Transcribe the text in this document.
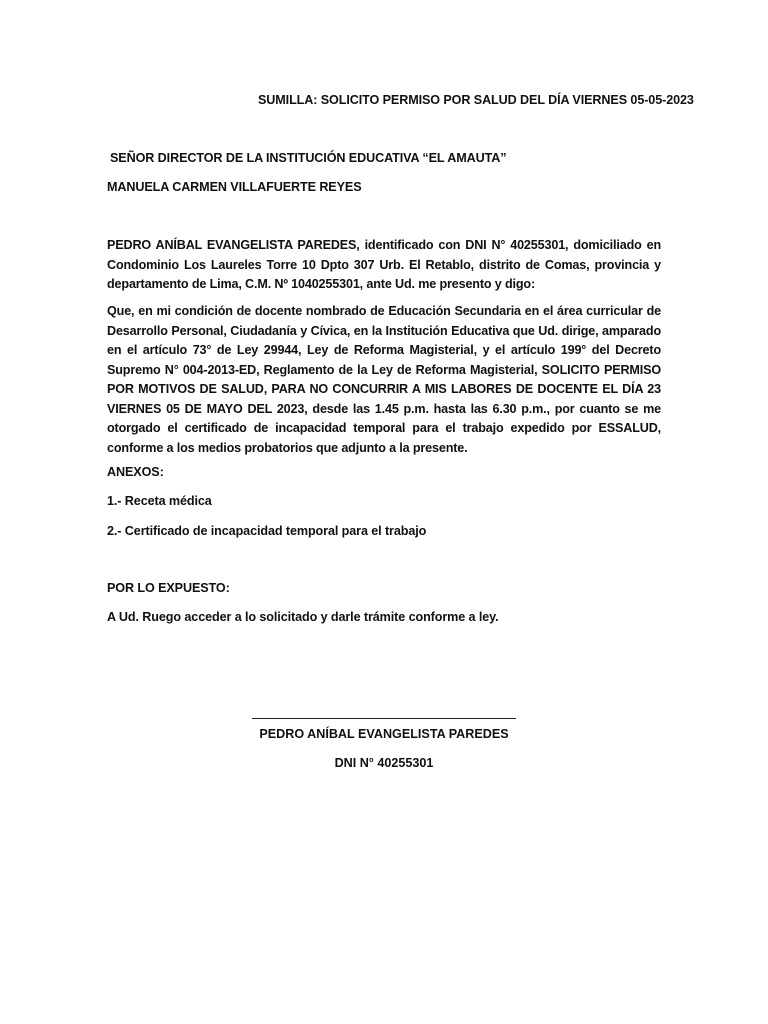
SUMILLA: SOLICITO PERMISO POR SALUD DEL DÍA VIERNES 05-05-2023
SEÑOR DIRECTOR DE LA INSTITUCIÓN EDUCATIVA “EL AMAUTA”
MANUELA CARMEN VILLAFUERTE REYES

PEDRO ANÍBAL EVANGELISTA PAREDES, identificado con DNI N° 40255301, domiciliado en Condominio Los Laureles Torre 10 Dpto 307 Urb. El Retablo, distrito de Comas, provincia y departamento de Lima, C.M. Nº 1040255301, ante Ud. me presento y digo:

Que, en mi condición de docente nombrado de Educación Secundaria en el área curricular de Desarrollo Personal, Ciudadanía y Cívica, en la Institución Educativa que Ud. dirige, amparado en el artículo 73° de Ley 29944, Ley de Reforma Magisterial, y el artículo 199° del Decreto Supremo N° 004-2013-ED, Reglamento de la Ley de Reforma Magisterial, SOLICITO PERMISO POR MOTIVOS DE SALUD, PARA NO CONCURRIR A MIS LABORES DE DOCENTE EL DÍA 23 VIERNES 05 DE MAYO DEL 2023, desde las 1.45 p.m. hasta las 6.30 p.m., por cuanto se me otorgado el certificado de incapacidad temporal para el trabajo expedido por ESSALUD, conforme a los medios probatorios que adjunto a la presente.

ANEXOS:
1.- Receta médica
2.- Certificado de incapacidad temporal para el trabajo
POR LO EXPUESTO:
A Ud. Ruego acceder a lo solicitado y darle trámite conforme a ley.
PEDRO ANÍBAL EVANGELISTA PAREDES
DNI N° 40255301
